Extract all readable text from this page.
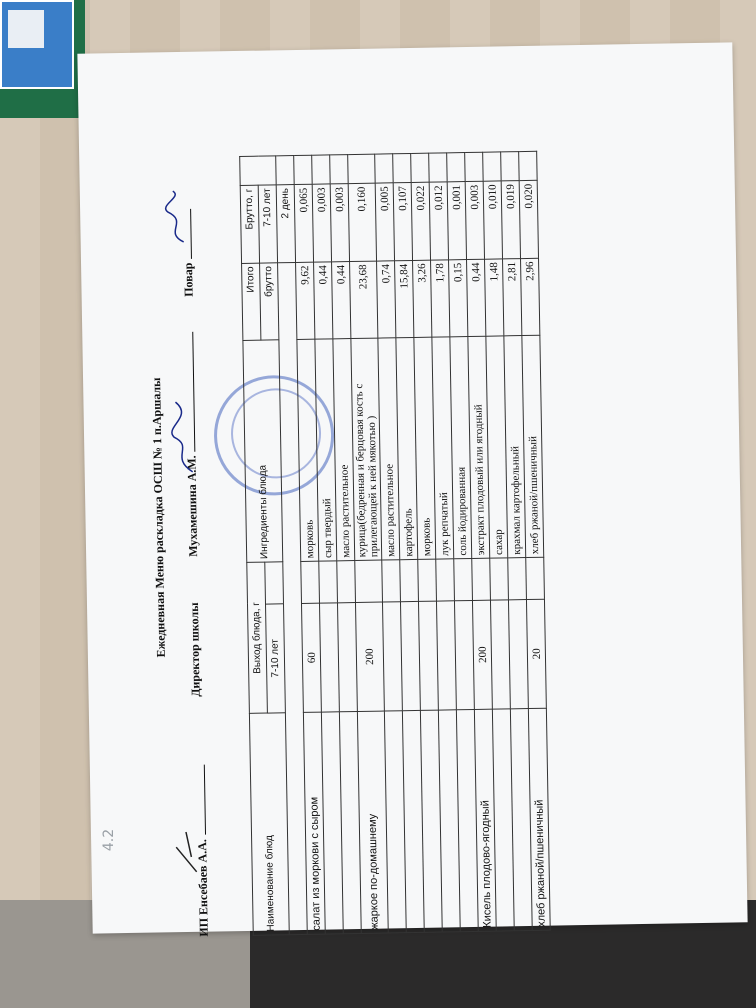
Ежедневная Меню раскладка ОСШ № 1 п.Аршалы
ИП Енсебаев А.А.
Директор школы
Мухамешина А.М.
Повар
Наименование блюд	Выход блюда, г		Ингредиенты блюда	Итого	Брутто, г	
	7-10 лет			брутто	7-10 лет	
					2 день	
салат из моркови с сыром	60		морковь	9,62	0,065	
			сыр твердый	0,44	0,003	
			масло растительное	0,44	0,003	
жаркое по-домашнему	200		курица(бедренная и берцовая кость с прилегающей к ней мякотью )	23,68	0,160	
			масло растительное	0,74	0,005	
			картофель	15,84	0,107	
			морковь	3,26	0,022	
			лук репчатый	1,78	0,012	
			соль йодированная	0,15	0,001	
Кисель плодово-ягодный	200		экстракт плодовый или ягодный	0,44	0,003	
			сахар	1,48	0,010	
			крахмал картофельный	2,81	0,019	
хлеб ржаной/пшеничный	20		хлеб ржаной/пшеничный	2,96	0,020	
4.2
